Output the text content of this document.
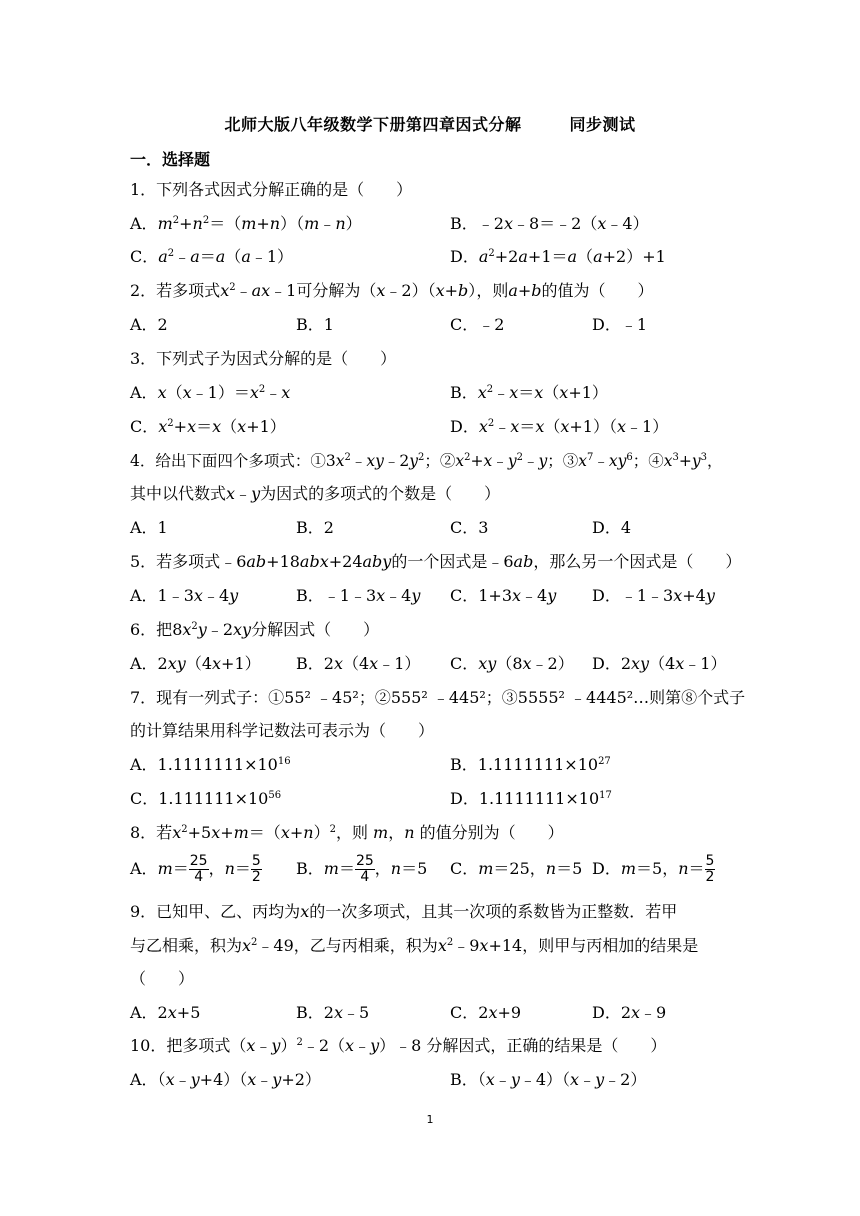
北师大版八年级数学下册第四章因式分解	同步测试
一．选择题
1．下列各式因式分解正确的是（　　）
A．$m^2+n^2=(m+n)(m﹣n)$	B．﹣2x﹣8＝﹣2（x﹣4）
C．$a^2﹣a=a(a﹣1)$	D．$a^2+2a+1=a(a+2)+1$
2．若多项式$x^2﹣ax﹣1$可分解为（x﹣2）（x+b），则a+b的值为（　　）
A．2	B．1	C．﹣2	D．﹣1
3．下列式子为因式分解的是（　　）
A．$x(x﹣1)=x^2﹣x$	B．$x^2﹣x=x(x+1)$
C．$x^2+x=x(x+1)$	D．$x^2﹣x=x(x+1)(x﹣1)$
4．给出下面四个多项式：$①3x^2﹣xy﹣2y^2$；$②x^2+x﹣y^2﹣y$；$③x^7﹣xy^6$；$④x^3+y^3$，
其中以代数式x﹣y为因式的多项式的个数是（　　）
A．1	B．2	C．3	D．4
5．若多项式﹣6ab+18abx+24aby的一个因式是﹣6ab，那么另一个因式是（　　）
A．1﹣3x﹣4y	B．﹣1﹣3x﹣4y C．1+3x﹣4y D．﹣1﹣3x+4y
6．把$8x^2y﹣2xy$分解因式（　　）
A．2xy（4x+1） B．2x（4x﹣1） C．xy（8x﹣2） D．2xy（4x﹣1）
7．现有一列式子：①55² ﹣45²；②555² ﹣445²；③5555² ﹣4445²…则第⑧个式子
的计算结果用科学记数法可表示为（　　）
A．$1.1111111\times 10^{16}$	B．$1.1111111\times 10^{27}$
C．$1.111111\times 10^{56}$	D．$1.1111111\times 10^{17}$
8．若$x^2+5x+m=(x+n)^2$，则 m，n 的值分别为（　　）
A．$m= \frac{25}{4}$ ，$n= \frac{5}{2}$ B．$m= \frac{25}{4}$ ，n＝5 C．m＝25，n＝5 D．m＝5，$n= \frac{5}{2}$
9．已知甲、乙、丙均为x的一次多项式，且其一次项的系数皆为正整数．若甲
与乙相乘，积为$x^2﹣49$，乙与丙相乘，积为$x^2﹣9x+14$，则甲与丙相加的结果是
（　　）
A．2x+5	B．2x﹣5	C．2x+9	D．2x﹣9
10．把多项式（x﹣y）$^2$﹣2（x﹣y）﹣8 分解因式，正确的结果是（　　）
A．（x﹣y+4）（x﹣y+2）	B．（x﹣y﹣4）（x﹣y﹣2）
1
